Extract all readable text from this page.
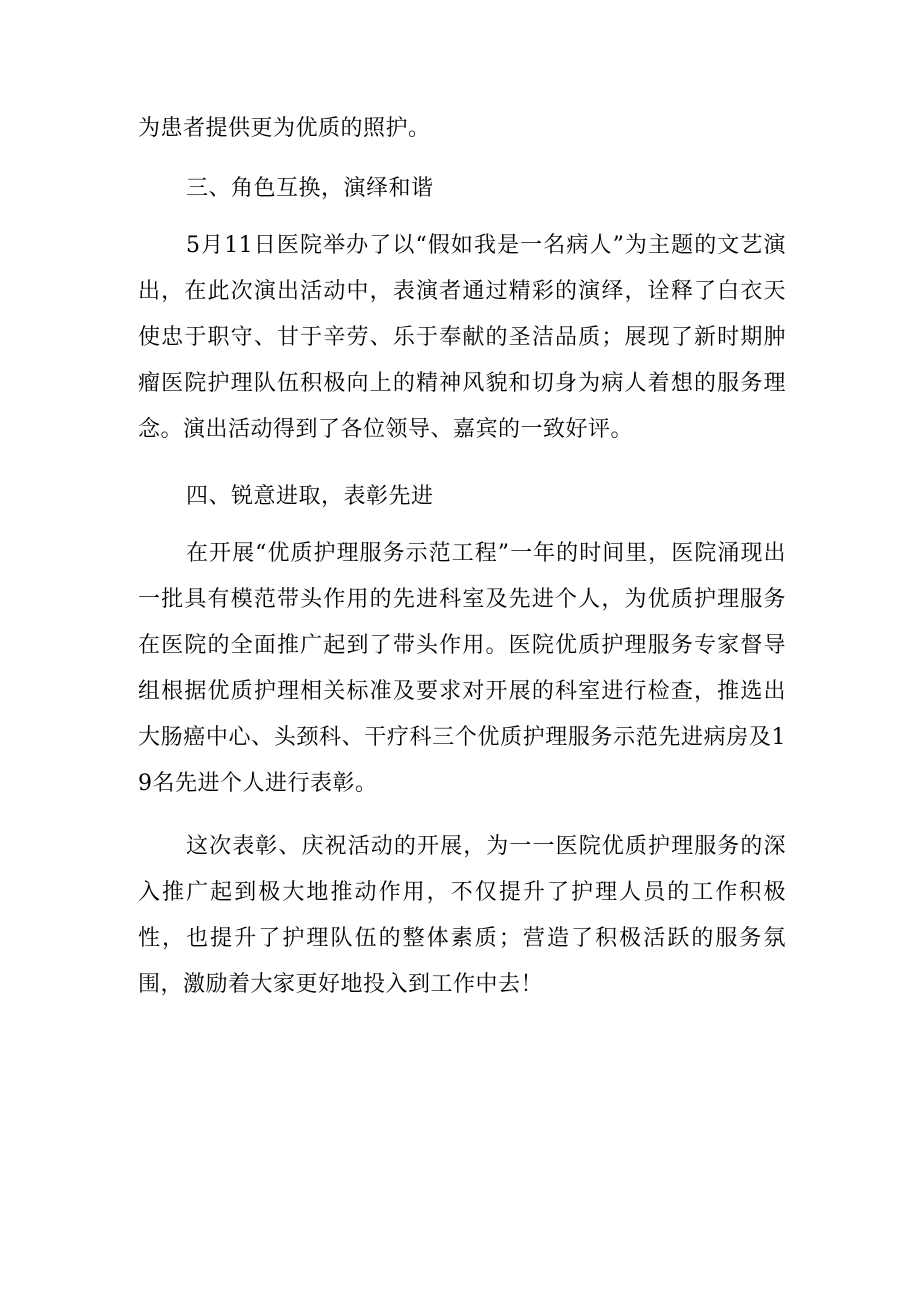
为患者提供更为优质的照护。

三、角色互换，演绎和谐

5月11日医院举办了以“假如我是一名病人”为主题的文艺演出，在此次演出活动中，表演者通过精彩的演绎，诠释了白衣天使忠于职守、甘于辛劳、乐于奉献的圣洁品质；展现了新时期肿瘤医院护理队伍积极向上的精神风貌和切身为病人着想的服务理念。演出活动得到了各位领导、嘉宾的一致好评。

四、锐意进取，表彰先进

在开展“优质护理服务示范工程”一年的时间里，医院涌现出一批具有模范带头作用的先进科室及先进个人，为优质护理服务在医院的全面推广起到了带头作用。医院优质护理服务专家督导组根据优质护理相关标准及要求对开展的科室进行检查，推选出大肠癌中心、头颈科、干疗科三个优质护理服务示范先进病房及19名先进个人进行表彰。

这次表彰、庆祝活动的开展，为一一医院优质护理服务的深入推广起到极大地推动作用，不仅提升了护理人员的工作积极性，也提升了护理队伍的整体素质；营造了积极活跃的服务氛围，激励着大家更好地投入到工作中去！
